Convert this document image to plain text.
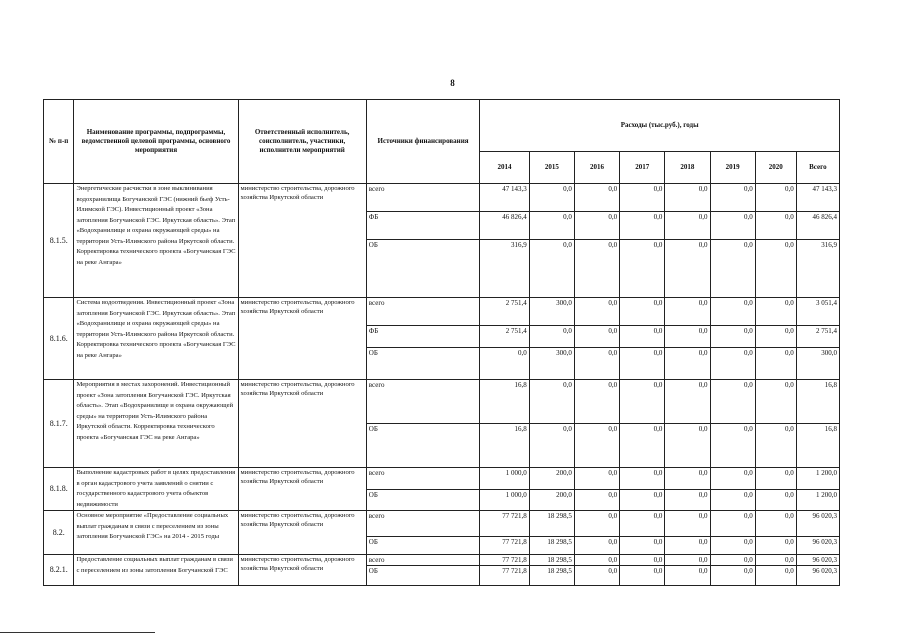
8
№ п-п	Наименование программы, подпрограммы, ведомственной целевой программы, основного мероприятия	Ответственный исполнитель, соисполнитель, участники, исполнители мероприятий	Источники финансирования	Расходы (тыс.руб.), годы							
				2014	2015	2016	2017	2018	2019	2020	Всего
8.1.5.	Энергетические расчистки в зоне выклинивания водохранилища Богучанской ГЭС (нижний бьеф Усть-Илимской ГЭС). Инвестиционный проект «Зона затопления Богучанской ГЭС. Иркутская область». Этап «Водохранилище и охрана окружающей среды» на территории Усть-Илимского района Иркутской области. Корректировка технического проекта «Богучанская ГЭС на реке Ангара»	министерство строительства, дорожного хозяйства Иркутской области	всего	47 143,3	0,0	0,0	0,0	0,0	0,0	0,0	47 143,3
			ФБ	46 826,4	0,0	0,0	0,0	0,0	0,0	0,0	46 826,4
			ОБ	316,9	0,0	0,0	0,0	0,0	0,0	0,0	316,9
8.1.6.	Система водоотведения. Инвестиционный проект «Зона затопления Богучанской ГЭС. Иркутская область». Этап «Водохранилище и охрана окружающей среды» на территории Усть-Илимского района Иркутской области. Корректировка технического проекта «Богучанская ГЭС на реке Ангара»	министерство строительства, дорожного хозяйства Иркутской области	всего	2 751,4	300,0	0,0	0,0	0,0	0,0	0,0	3 051,4
			ФБ	2 751,4	0,0	0,0	0,0	0,0	0,0	0,0	2 751,4
			ОБ	0,0	300,0	0,0	0,0	0,0	0,0	0,0	300,0
8.1.7.	Мероприятия в местах захоронений. Инвестиционный проект «Зона затопления Богучанской ГЭС. Иркутская область». Этап «Водохранилище и охрана окружающей среды» на территории Усть-Илимского района Иркутской области. Корректировка технического проекта «Богучанская ГЭС на реке Ангара»	министерство строительства, дорожного хозяйства Иркутской области	всего	16,8	0,0	0,0	0,0	0,0	0,0	0,0	16,8
			ОБ	16,8	0,0	0,0	0,0	0,0	0,0	0,0	16,8
8.1.8.	Выполнение кадастровых работ в целях предоставления в орган кадастрового учета заявлений о снятии с государственного кадастрового учета объектов недвижимости	министерство строительства, дорожного хозяйства Иркутской области	всего	1 000,0	200,0	0,0	0,0	0,0	0,0	0,0	1 200,0
			ОБ	1 000,0	200,0	0,0	0,0	0,0	0,0	0,0	1 200,0
8.2.	Основное мероприятие «Предоставление социальных выплат гражданам в связи с переселением из зоны затопления Богучанской ГЭС» на 2014 - 2015 годы	министерство строительства, дорожного хозяйства Иркутской области	всего	77 721,8	18 298,5	0,0	0,0	0,0	0,0	0,0	96 020,3
			ОБ	77 721,8	18 298,5	0,0	0,0	0,0	0,0	0,0	96 020,3
8.2.1.	Предоставление социальных выплат гражданам в связи с переселением из зоны затопления Богучанской ГЭС	министерство строительства, дорожного хозяйства Иркутской области	всего	77 721,8	18 298,5	0,0	0,0	0,0	0,0	0,0	96 020,3
			ОБ	77 721,8	18 298,5	0,0	0,0	0,0	0,0	0,0	96 020,3
